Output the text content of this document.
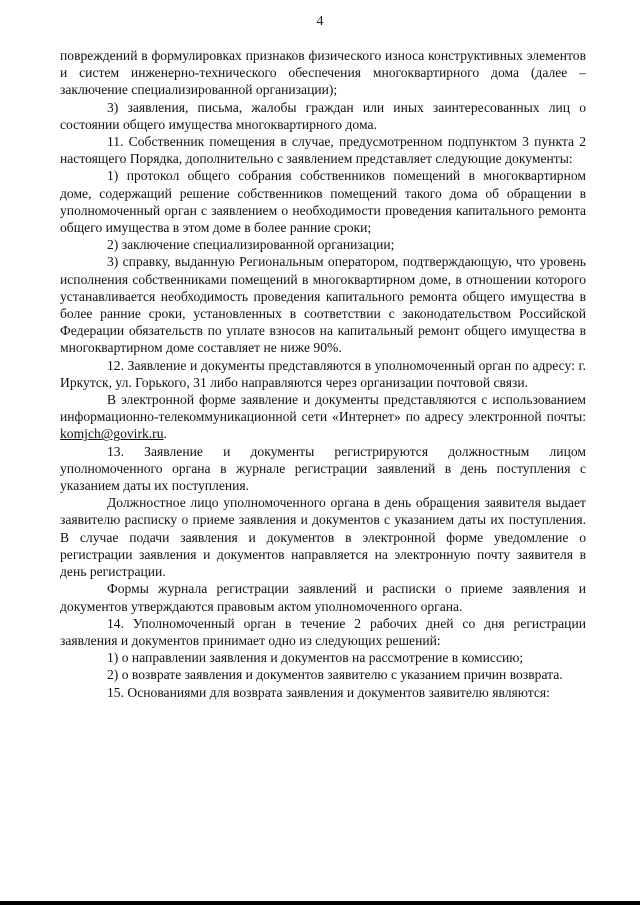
4

повреждений в формулировках признаков физического износа конструктивных элементов и систем инженерно-технического обеспечения многоквартирного дома (далее – заключение специализированной организации);

3) заявления, письма, жалобы граждан или иных заинтересованных лиц о состоянии общего имущества многоквартирного дома.

11. Собственник помещения в случае, предусмотренном подпунктом 3 пункта 2 настоящего Порядка, дополнительно с заявлением представляет следующие документы:

1) протокол общего собрания собственников помещений в многоквартирном доме, содержащий решение собственников помещений такого дома об обращении в уполномоченный орган с заявлением о необходимости проведения капитального ремонта общего имущества в этом доме в более ранние сроки;

2) заключение специализированной организации;

3) справку, выданную Региональным оператором, подтверждающую, что уровень исполнения собственниками помещений в многоквартирном доме, в отношении которого устанавливается необходимость проведения капитального ремонта общего имущества в более ранние сроки, установленных в соответствии с законодательством Российской Федерации обязательств по уплате взносов на капитальный ремонт общего имущества в многоквартирном доме составляет не ниже 90%.

12. Заявление и документы представляются в уполномоченный орган по адресу: г. Иркутск, ул. Горького, 31 либо направляются через организации почтовой связи.

В электронной форме заявление и документы представляются с использованием информационно-телекоммуникационной сети «Интернет» по адресу электронной почты: komjch@govirk.ru.

13. Заявление и документы регистрируются должностным лицом уполномоченного органа в журнале регистрации заявлений в день поступления с указанием даты их поступления.

Должностное лицо уполномоченного органа в день обращения заявителя выдает заявителю расписку о приеме заявления и документов с указанием даты их поступления. В случае подачи заявления и документов в электронной форме уведомление о регистрации заявления и документов направляется на электронную почту заявителя в день регистрации.

Формы журнала регистрации заявлений и расписки о приеме заявления и документов утверждаются правовым актом уполномоченного органа.

14. Уполномоченный орган в течение 2 рабочих дней со дня регистрации заявления и документов принимает одно из следующих решений:

1) о направлении заявления и документов на рассмотрение в комиссию;

2) о возврате заявления и документов заявителю с указанием причин возврата.

15. Основаниями для возврата заявления и документов заявителю являются:
